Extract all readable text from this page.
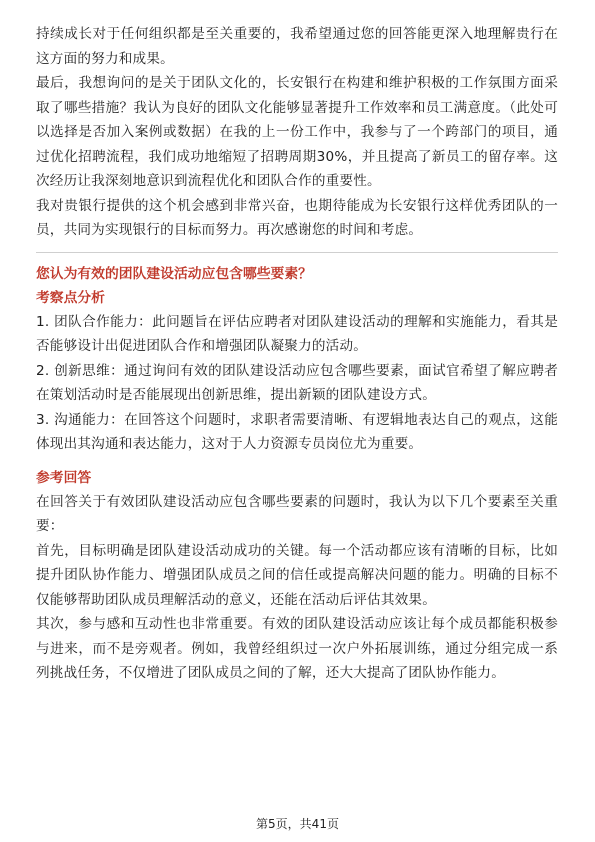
持续成长对于任何组织都是至关重要的，我希望通过您的回答能更深入地理解贵行在这方面的努力和成果。

最后，我想询问的是关于团队文化的，长安银行在构建和维护积极的工作氛围方面采取了哪些措施？我认为良好的团队文化能够显著提升工作效率和员工满意度。（此处可以选择是否加入案例或数据）在我的上一份工作中，我参与了一个跨部门的项目，通过优化招聘流程，我们成功地缩短了招聘周期30%，并且提高了新员工的留存率。这次经历让我深刻地意识到流程优化和团队合作的重要性。

我对贵银行提供的这个机会感到非常兴奋，也期待能成为长安银行这样优秀团队的一员，共同为实现银行的目标而努力。再次感谢您的时间和考虑。

您认为有效的团队建设活动应包含哪些要素？

考察点分析

1. 团队合作能力：此问题旨在评估应聘者对团队建设活动的理解和实施能力，看其是否能够设计出促进团队合作和增强团队凝聚力的活动。

2. 创新思维：通过询问有效的团队建设活动应包含哪些要素，面试官希望了解应聘者在策划活动时是否能展现出创新思维，提出新颖的团队建设方式。

3. 沟通能力：在回答这个问题时，求职者需要清晰、有逻辑地表达自己的观点，这能体现出其沟通和表达能力，这对于人力资源专员岗位尤为重要。

参考回答

在回答关于有效团队建设活动应包含哪些要素的问题时，我认为以下几个要素至关重要：

首先，目标明确是团队建设活动成功的关键。每一个活动都应该有清晰的目标，比如提升团队协作能力、增强团队成员之间的信任或提高解决问题的能力。明确的目标不仅能够帮助团队成员理解活动的意义，还能在活动后评估其效果。

其次，参与感和互动性也非常重要。有效的团队建设活动应该让每个成员都能积极参与进来，而不是旁观者。例如，我曾经组织过一次户外拓展训练，通过分组完成一系列挑战任务，不仅增进了团队成员之间的了解，还大大提高了团队协作能力。

第5页，共41页
